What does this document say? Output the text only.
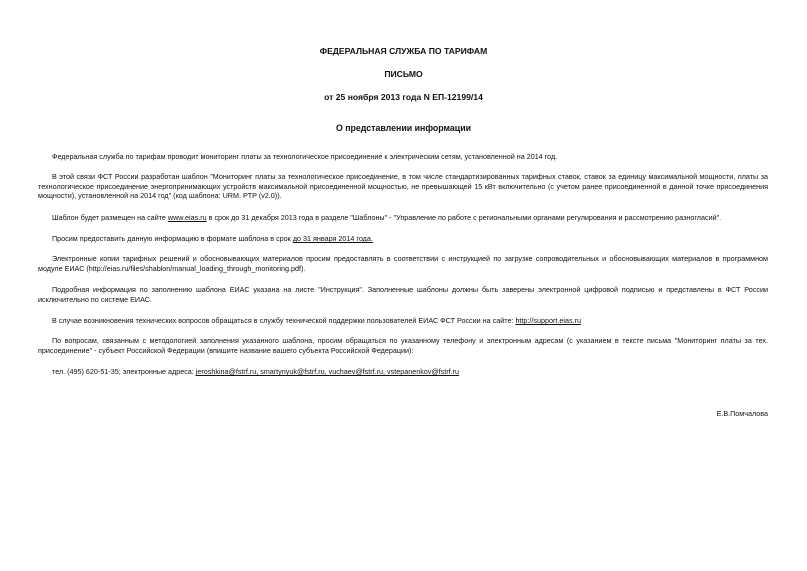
ФЕДЕРАЛЬНАЯ СЛУЖБА ПО ТАРИФАМ
ПИСЬМО
от 25 ноября 2013 года N ЕП-12199/14
О представлении информации

Федеральная служба по тарифам проводит мониторинг платы за технологическое присоединение к электрическим сетям, установленной на 2014 год.

В этой связи ФСТ России разработан шаблон "Мониторинг платы за технологическое присоединение, в том числе стандартизированных тарифных ставок, ставок за единицу максимальной мощности, платы за технологическое присоединение энергопринимающих устройств максимальной присоединенной мощностью, не превышающей 15 кВт включительно (с учетом ранее присоединенной в данной точке присоединения мощности), установленной на 2014 год" (код шаблона: URM. PTP (v2.0)).

Шаблон будет размещен на сайте www.eias.ru в срок до 31 декабря 2013 года в разделе "Шаблоны" - "Управление по работе с региональными органами регулирования и рассмотрению разногласий".

Просим предоставить данную информацию в формате шаблона в срок до 31 января 2014 года.

Электронные копии тарифных решений и обосновывающих материалов просим предоставлять в соответствии с инструкцией по загрузке сопроводительных и обосновывающих материалов в программном модуле ЕИАС (http://eias.ru/files/shablon/manual_loading_through_monitoring.pdf).

Подробная информация по заполнению шаблона ЕИАС указана на листе "Инструкция". Заполненные шаблоны должны быть заверены электронной цифровой подписью и представлены в ФСТ России исключительно по системе ЕИАС.

В случае возникновения технических вопросов обращаться в службу технической поддержки пользователей ЕИАС ФСТ России на сайте: http://support.eias.ru

По вопросам, связанным с методологией заполнения указанного шаблона, просим обращаться по указанному телефону и электронным адресам (с указанием в тексте письма "Мониторинг платы за тех. присоединение" - субъект Российской Федерации (впишите название вашего субъекта Российской Федерации):

тел. (495) 620-51-35; электронные адреса: jeroshkina@fstrf.ru, smartynyuk@fstrf.ru, vuchaev@fstrf.ru, vstepanenkov@fstrf.ru

Е.В.Помчалова
